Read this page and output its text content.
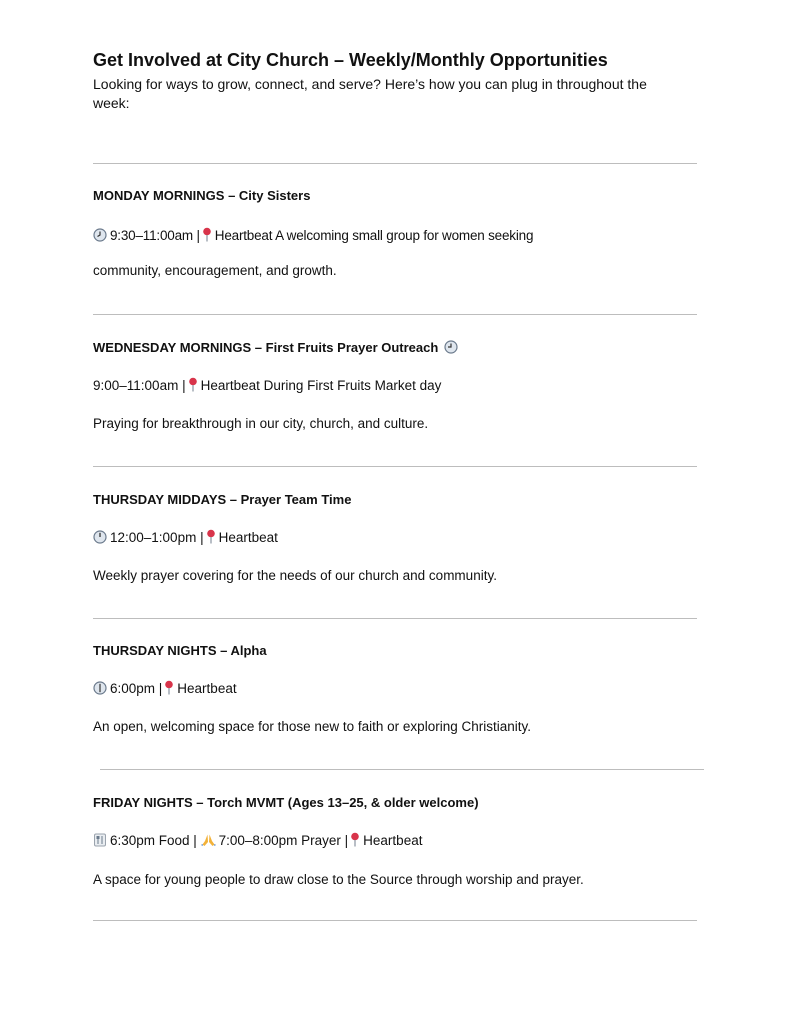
Get Involved at City Church – Weekly/Monthly Opportunities
Looking for ways to grow, connect, and serve? Here’s how you can plug in throughout the week:
MONDAY MORNINGS – City Sisters
9:30–11:00am | Heartbeat A welcoming small group for women seeking
community, encouragement, and growth.
WEDNESDAY MORNINGS – First Fruits Prayer Outreach
9:00–11:00am | Heartbeat During First Fruits Market day
Praying for breakthrough in our city, church, and culture.
THURSDAY MIDDAYS – Prayer Team Time
12:00–1:00pm | Heartbeat
Weekly prayer covering for the needs of our church and community.
THURSDAY NIGHTS – Alpha
6:00pm | Heartbeat
An open, welcoming space for those new to faith or exploring Christianity.
FRIDAY NIGHTS – Torch MVMT (Ages 13–25, & older welcome)
6:30pm Food | 7:00–8:00pm Prayer | Heartbeat
A space for young people to draw close to the Source through worship and prayer.
